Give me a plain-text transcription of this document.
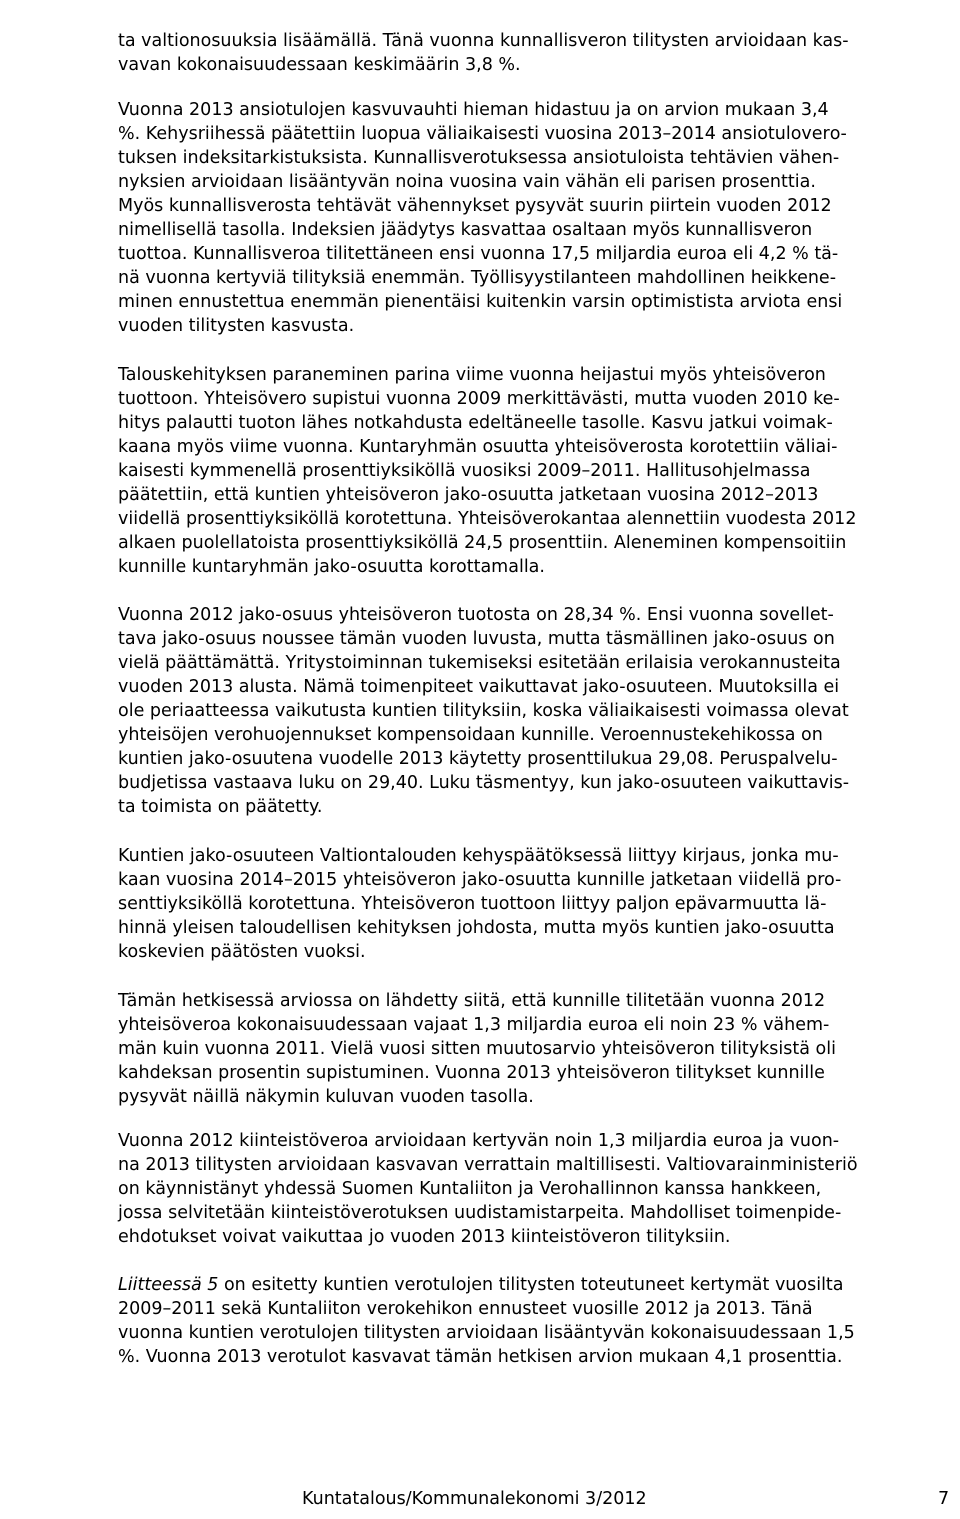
ta valtionosuuksia lisäämällä. Tänä vuonna kunnallisveron tilitysten arvioidaan kas-
vavan kokonaisuudessaan keskimäärin 3,8 %.
Vuonna 2013 ansiotulojen kasvuvauhti hieman hidastuu ja on arvion mukaan 3,4
%. Kehysriihessä päätettiin luopua väliaikaisesti vuosina 2013–2014 ansiotuloverо-
tuksen indeksitarkistuksista. Kunnallisverotuksessa ansiotuloista tehtävien vähen-
nyksien arvioidaan lisääntyvän noina vuosina vain vähän eli parisen prosenttia.
Myös kunnallisverosta tehtävät vähennykset pysyvät suurin piirtein vuoden 2012
nimellisellä tasolla. Indeksien jäädytys kasvattaa osaltaan myös kunnallisveron
tuottoa. Kunnallisveroa tilitettäneen ensi vuonna 17,5 miljardia euroa eli 4,2 % tä-
nä vuonna kertyviä tilityksiä enemmän. Työllisyystilanteen mahdollinen heikkene-
minen ennustettua enemmän pienentäisi kuitenkin varsin optimistista arviota ensi
vuoden tilitysten kasvusta.
Talouskehityksen paraneminen parina viime vuonna heijastui myös yhteisöveron
tuottoon. Yhteisövero supistui vuonna 2009 merkittävästi, mutta vuoden 2010 ke-
hitys palautti tuoton lähes notkahdusta edeltäneelle tasolle. Kasvu jatkui voimak-
kaana myös viime vuonna. Kuntaryhmän osuutta yhteisöverosta korotettiin väliai-
kaisesti kymmenellä prosenttiyksiköllä vuosiksi 2009–2011. Hallitusohjelmassa
päätettiin, että kuntien yhteisöveron jako-osuutta jatketaan vuosina 2012–2013
viidellä prosenttiyksiköllä korotettuna. Yhteisöverokantaa alennettiin vuodesta 2012
alkaen puolellatoista prosenttiyksiköllä 24,5 prosenttiin. Aleneminen kompensoitiin
kunnille kuntaryhmän jako-osuutta korottamalla.
Vuonna 2012 jako-osuus yhteisöveron tuotosta on 28,34 %. Ensi vuonna sovellet-
tava jako-osuus noussee tämän vuoden luvusta, mutta täsmällinen jako-osuus on
vielä päättämättä. Yritystoiminnan tukemiseksi esitetään erilaisia verokannusteita
vuoden 2013 alusta. Nämä toimenpiteet vaikuttavat jako-osuuteen. Muutoksilla ei
ole periaatteessa vaikutusta kuntien tilityksiin, koska väliaikaisesti voimassa olevat
yhteisöjen verohuojennukset kompensoidaan kunnille. Veroennustekehikossa on
kuntien jako-osuutena vuodelle 2013 käytetty prosenttilukua 29,08. Peruspalvelu-
budjetissa vastaava luku on 29,40. Luku täsmentyy, kun jako-osuuteen vaikuttavis-
ta toimista on päätetty.
Kuntien jako-osuuteen Valtiontalouden kehyspäätöksessä liittyy kirjaus, jonka mu-
kaan vuosina 2014–2015 yhteisöveron jako-osuutta kunnille jatketaan viidellä pro-
senttiyksiköllä korotettuna. Yhteisöveron tuottoon liittyy paljon epävarmuutta lä-
hinnä yleisen taloudellisen kehityksen johdosta, mutta myös kuntien jako-osuutta
koskevien päätösten vuoksi.
Tämän hetkisessä arviossa on lähdetty siitä, että kunnille tilitetään vuonna 2012
yhteisöveroa kokonaisuudessaan vajaat 1,3 miljardia euroa eli noin 23 % vähem-
män kuin vuonna 2011. Vielä vuosi sitten muutosarvio yhteisöveron tilityksistä oli
kahdeksan prosentin supistuminen. Vuonna 2013 yhteisöveron tilitykset kunnille
pysyvät näillä näkymin kuluvan vuoden tasolla.
Vuonna 2012 kiinteistöveroa arvioidaan kertyvän noin 1,3 miljardia euroa ja vuon-
na 2013 tilitysten arvioidaan kasvavan verrattain maltillisesti. Valtiovarainministeriö
on käynnistänyt yhdessä Suomen Kuntaliiton ja Verohallinnon kanssa hankkeen,
jossa selvitetään kiinteistöverotuksen uudistamistarpeita. Mahdolliset toimenpide-
ehdotukset voivat vaikuttaa jo vuoden 2013 kiinteistöveron tilityksiin.
Liitteessä 5 on esitetty kuntien verotulojen tilitysten toteutuneet kertymät vuosilta
2009–2011 sekä Kuntaliiton verokehikon ennusteet vuosille 2012 ja 2013. Tänä
vuonna kuntien verotulojen tilitysten arvioidaan lisääntyvän kokonaisuudessaan 1,5
%. Vuonna 2013 verotulot kasvavat tämän hetkisen arvion mukaan 4,1 prosenttia.
Kuntatalous/Kommunalekonomi 3/2012	7
